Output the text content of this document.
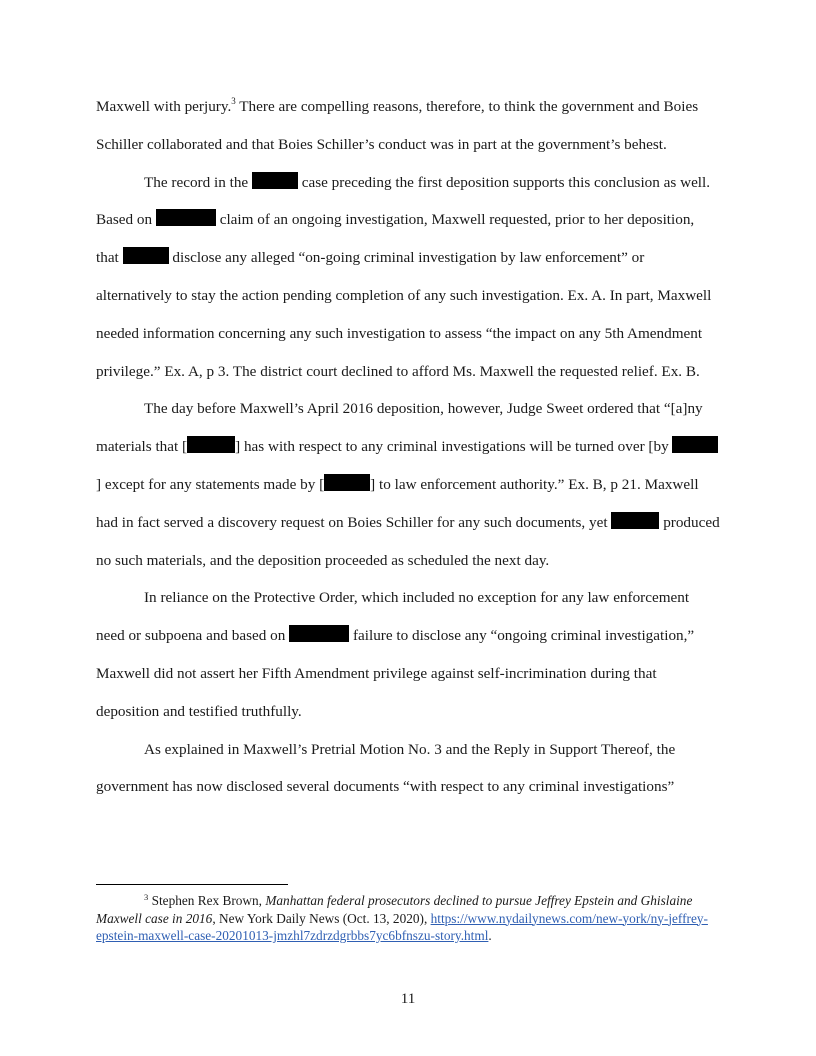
Maxwell with perjury.$^3$ There are compelling reasons, therefore, to think the government and Boies Schiller collaborated and that Boies Schiller’s conduct was in part at the government’s behest.

The record in the	case preceding the first deposition supports this conclusion as well. Based on	claim of an ongoing investigation, Maxwell requested, prior to her deposition, that	disclose any alleged “on-going criminal investigation by law enforcement” or alternatively to stay the action pending completion of any such investigation. Ex. A. In part, Maxwell needed information concerning any such investigation to assess “the impact on any 5th Amendment privilege.” Ex. A, p 3. The district court declined to afford Ms. Maxwell the requested relief. Ex. B.

The day before Maxwell’s April 2016 deposition, however, Judge Sweet ordered that “[a]ny materials that [	] has with respect to any criminal investigations will be turned over [by ] except for any statements made by [	] to law enforcement authority.” Ex. B, p 21. Maxwell had in fact served a discovery request on Boies Schiller for any such documents, yet	produced no such materials, and the deposition proceeded as scheduled the next day.

In reliance on the Protective Order, which included no exception for any law enforcement need or subpoena and based on	failure to disclose any “ongoing criminal investigation,” Maxwell did not assert her Fifth Amendment privilege against self-incrimination during that deposition and testified truthfully.

As explained in Maxwell’s Pretrial Motion No. 3 and the Reply in Support Thereof, the government has now disclosed several documents “with respect to any criminal investigations”

$^3$ Stephen Rex Brown, Manhattan federal prosecutors declined to pursue Jeffrey Epstein and Ghislaine Maxwell case in 2016, New York Daily News (Oct. 13, 2020), https://www.nydailynews.com/new-york/ny-jeffrey-epstein-maxwell-case-20201013-jmzhl7zdrzdgrbbs7yc6bfnszu-story.html.

11
